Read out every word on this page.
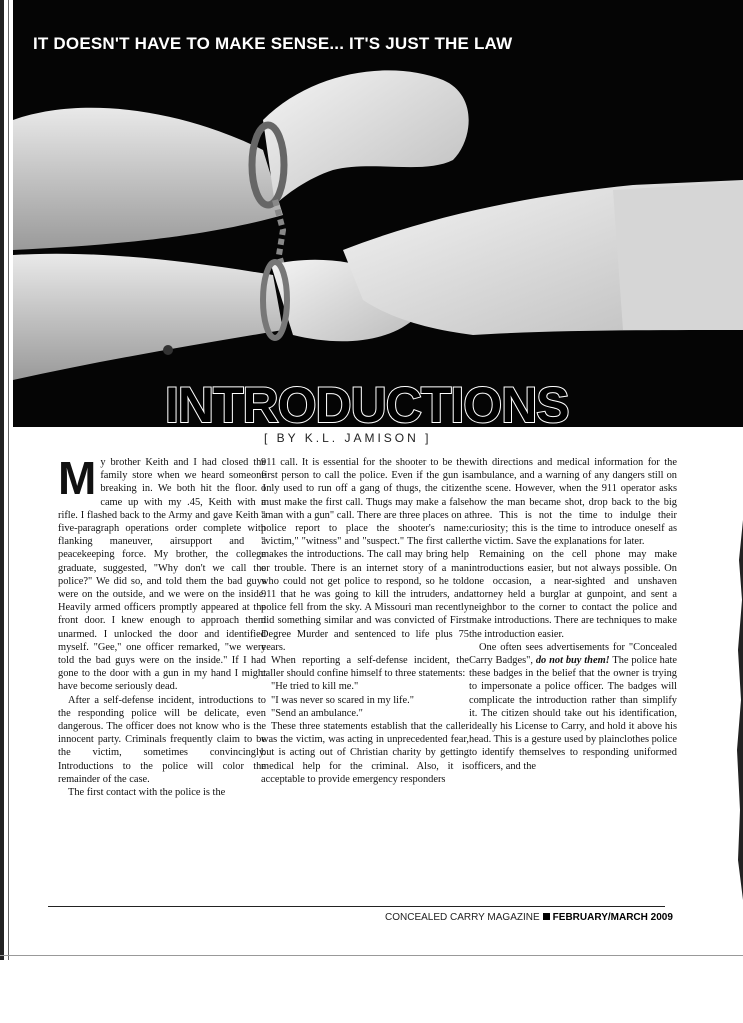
IT DOESN'T HAVE TO MAKE SENSE... IT'S JUST THE LAW
INTRODUCTIONS
[ BY K.L. JAMISON ]
M y brother Keith and I had closed the family store when we heard someone breaking in. We both hit the floor. I came up with my .45, Keith with a rifle. I flashed back to the Army and gave Keith a five-paragraph operations order complete with flanking maneuver, airsupport and a peacekeeping force. My brother, the college graduate, suggested, "Why don't we call the police?" We did so, and told them the bad guys were on the outside, and we were on the inside. Heavily armed officers promptly appeared at the front door. I knew enough to approach them unarmed. I unlocked the door and identified myself. "Gee," one officer remarked, "we were told the bad guys were on the inside." If I had gone to the door with a gun in my hand I might have become seriously dead.

After a self-defense incident, introductions to the responding police will be delicate, even dangerous. The officer does not know who is the innocent party. Criminals frequently claim to be the victim, sometimes convincingly. Introductions to the police will color the remainder of the case.

The first contact with the police is the

911 call. It is essential for the shooter to be the first person to call the police. Even if the gun is only used to run off a gang of thugs, the citizen must make the first call. Thugs may make a false "man with a gun" call. There are three places on a police report to place the shooter's name: "victim," "witness" and "suspect." The first caller makes the introductions. The call may bring help or trouble. There is an internet story of a man who could not get police to respond, so he told 911 that he was going to kill the intruders, and police fell from the sky. A Missouri man recently did something similar and was convicted of First Degree Murder and sentenced to life plus 75 years.

When reporting a self-defense incident, the caller should confine himself to three statements:

"He tried to kill me."

"I was never so scared in my life."

"Send an ambulance."

These three statements establish that the caller was the victim, was acting in unprecedented fear, but is acting out of Christian charity by getting medical help for the criminal. Also, it is acceptable to provide emergency responders

with directions and medical information for the ambulance, and a warning of any dangers still on the scene. However, when the 911 operator asks how the man became shot, drop back to the big three. This is not the time to indulge their curiosity; this is the time to introduce oneself as the victim. Save the explanations for later.

Remaining on the cell phone may make introductions easier, but not always possible. On one occasion, a near-sighted and unshaven attorney held a burglar at gunpoint, and sent a neighbor to the corner to contact the police and make introductions. There are techniques to make the introduction easier.

One often sees advertisements for "Concealed Carry Badges", do not buy them! The police hate these badges in the belief that the owner is trying to impersonate a police officer. The badges will complicate the introduction rather than simplify it. The citizen should take out his identification, ideally his License to Carry, and hold it above his head. This is a gesture used by plainclothes police to identify themselves to responding uniformed officers, and the

CONCEALED CARRY MAGAZINE FEBRUARY/MARCH 2009
